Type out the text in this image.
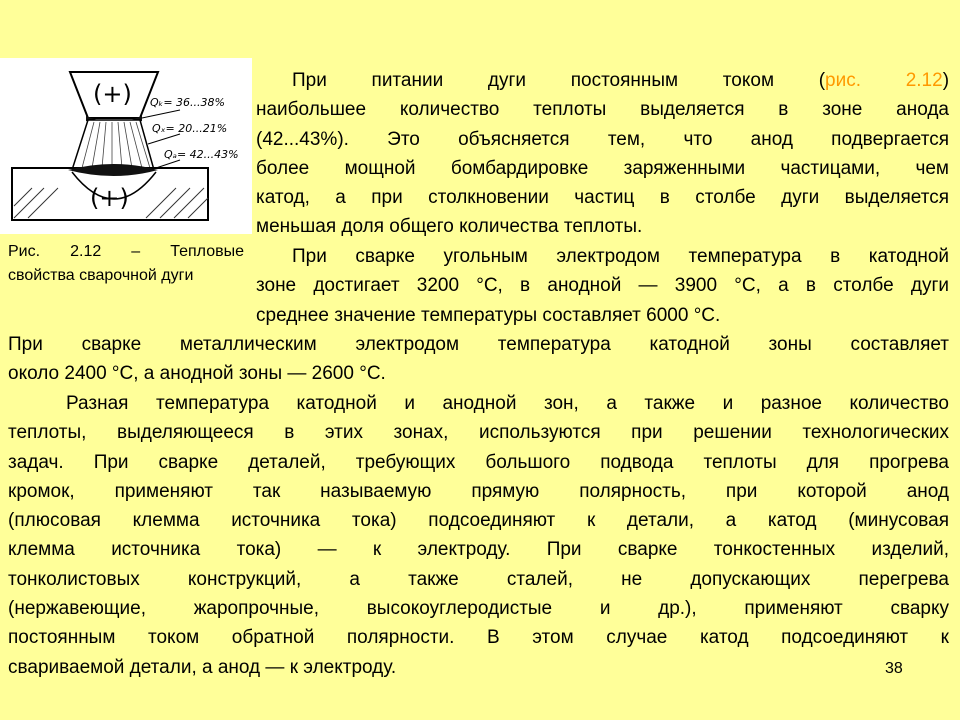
(+)
(+)
Qₖ= 36...38%
Qₓ= 20...21%
Qₐ= 42...43%
Рис. 2.12 – Тепловые
свойства сварочной дуги
При питании дуги постоянным током (рис. 2.12)
наибольшее количество теплоты выделяется в зоне анода
(42...43%). Это объясняется тем, что анод подвергается
более мощной бомбардировке заряженными частицами, чем
катод, а при столкновении частиц в столбе дуги выделяется
меньшая доля общего количества теплоты.
При сварке угольным электродом температура в катодной
зоне достигает 3200 °С, в анодной — 3900 °С, а в столбе дуги
среднее значение температуры составляет 6000 °С.
При сварке металлическим электродом температура катодной зоны составляет
около 2400 °С, а анодной зоны — 2600 °С.
Разная температура катодной и анодной зон, а также и разное количество
теплоты, выделяющееся в этих зонах, используются при решении технологических
задач. При сварке деталей, требующих большого подвода теплоты для прогрева
кромок, применяют так называемую прямую полярность, при которой анод
(плюсовая клемма источника тока) подсоединяют к детали, а катод (минусовая
клемма источника тока) — к электроду. При сварке тонкостенных изделий,
тонколистовых конструкций, а также сталей, не допускающих перегрева
(нержавеющие, жаропрочные, высокоуглеродистые и др.), применяют сварку
постоянным током обратной полярности. В этом случае катод подсоединяют к
свариваемой детали, а анод — к электроду.	38
